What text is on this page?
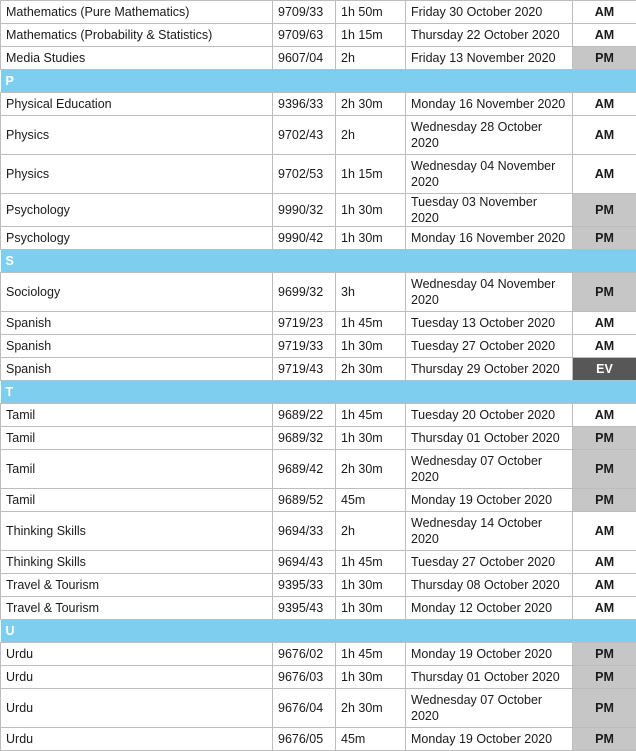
Mathematics (Pure Mathematics)	9709/33	1h 50m	Friday 30 October 2020	AM
Mathematics (Probability & Statistics)	9709/63	1h 15m	Thursday 22 October 2020	AM
Media Studies	9607/04	2h	Friday 13 November 2020	PM
P				
Physical Education	9396/33	2h 30m	Monday 16 November 2020	AM
Physics	9702/43	2h	Wednesday 28 October 2020	AM
Physics	9702/53	1h 15m	Wednesday 04 November 2020	AM
Psychology	9990/32	1h 30m	Tuesday 03 November 2020	PM
Psychology	9990/42	1h 30m	Monday 16 November 2020	PM
S				
Sociology	9699/32	3h	Wednesday 04 November 2020	PM
Spanish	9719/23	1h 45m	Tuesday 13 October 2020	AM
Spanish	9719/33	1h 30m	Tuesday 27 October 2020	AM
Spanish	9719/43	2h 30m	Thursday 29 October 2020	EV
T				
Tamil	9689/22	1h 45m	Tuesday 20 October 2020	AM
Tamil	9689/32	1h 30m	Thursday 01 October 2020	PM
Tamil	9689/42	2h 30m	Wednesday 07 October 2020	PM
Tamil	9689/52	45m	Monday 19 October 2020	PM
Thinking Skills	9694/33	2h	Wednesday 14 October 2020	AM
Thinking Skills	9694/43	1h 45m	Tuesday 27 October 2020	AM
Travel & Tourism	9395/33	1h 30m	Thursday 08 October 2020	AM
Travel & Tourism	9395/43	1h 30m	Monday 12 October 2020	AM
U				
Urdu	9676/02	1h 45m	Monday 19 October 2020	PM
Urdu	9676/03	1h 30m	Thursday 01 October 2020	PM
Urdu	9676/04	2h 30m	Wednesday 07 October 2020	PM
Urdu	9676/05	45m	Monday 19 October 2020	PM
